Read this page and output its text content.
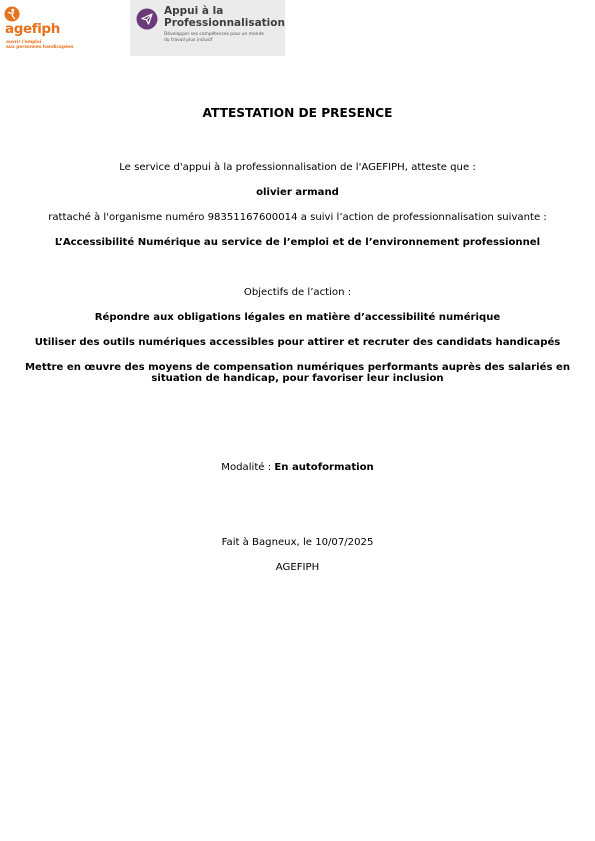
agefiph
ouvrir l'emploi
aux personnes handicapées
Appui à la
Professionnalisation
Développer ses compétences pour un monde
du travail plus inclusif
ATTESTATION DE PRESENCE
Le service d'appui à la professionnalisation de l'AGEFIPH, atteste que :
olivier armand
rattaché à l'organisme numéro 98351167600014 a suivi l’action de professionnalisation suivante :
L’Accessibilité Numérique au service de l’emploi et de l’environnement professionnel
Objectifs de l’action :
Répondre aux obligations légales en matière d’accessibilité numérique
Utiliser des outils numériques accessibles pour attirer et recruter des candidats handicapés
Mettre en œuvre des moyens de compensation numériques performants auprès des salariés en situation de handicap, pour favoriser leur inclusion
Modalité : En autoformation
Fait à Bagneux, le 10/07/2025
AGEFIPH
